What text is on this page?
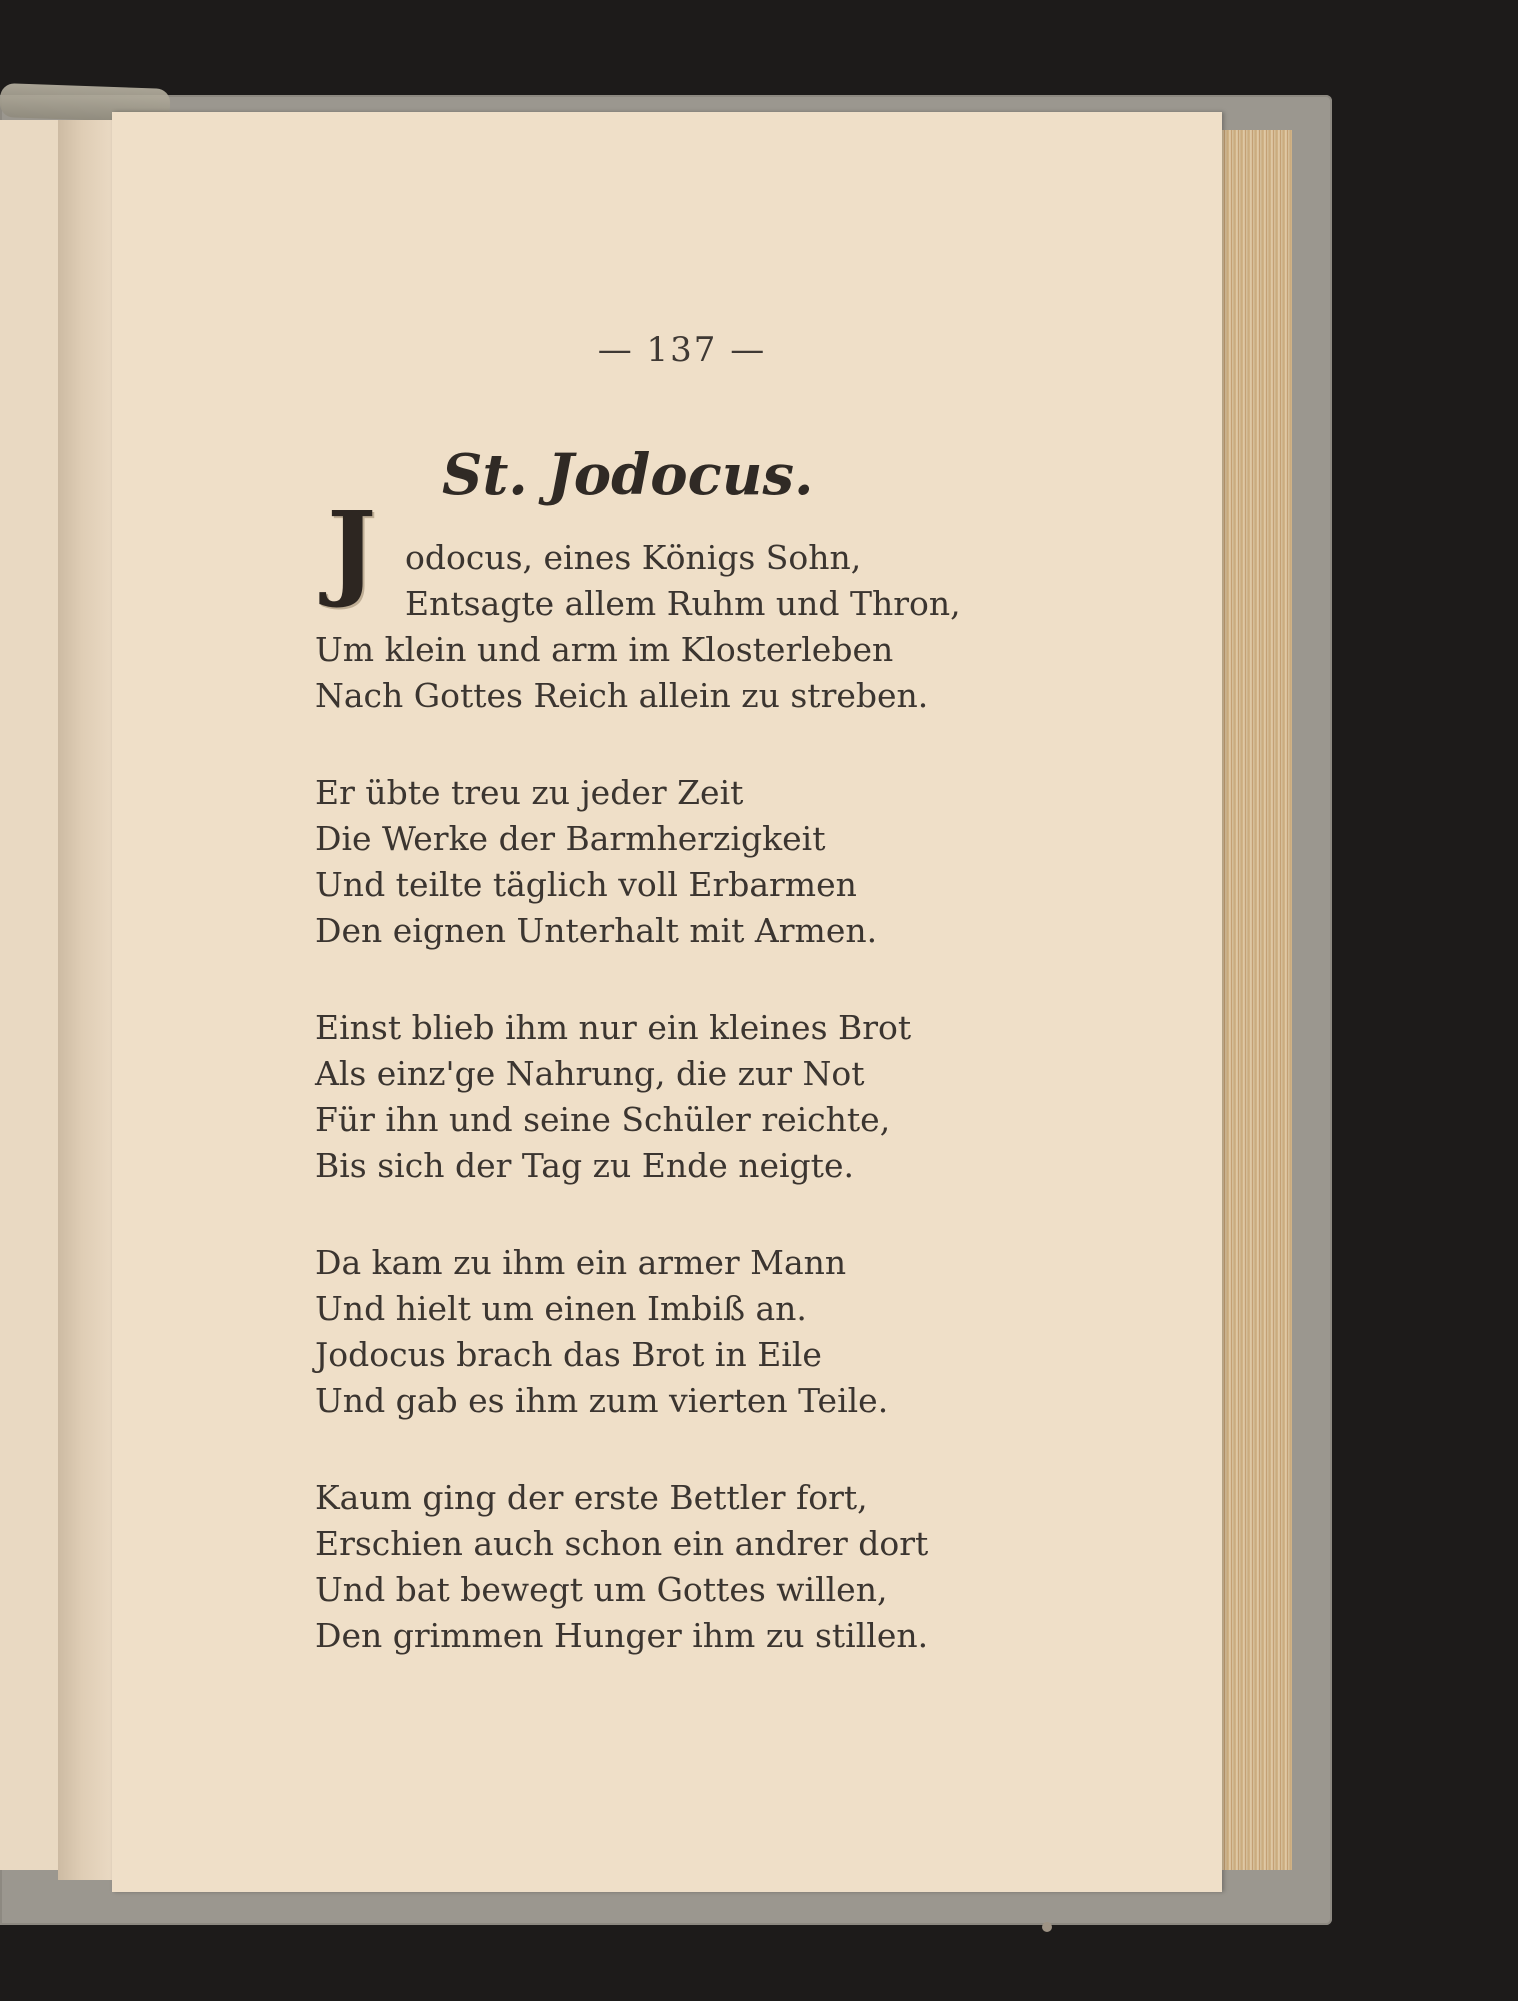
— 137 —
St. Jodocus.
J odocus, eines Königs Sohn,
Entsagte allem Ruhm und Thron,
Um klein und arm im Klosterleben
Nach Gottes Reich allein zu streben.
Er übte treu zu jeder Zeit
Die Werke der Barmherzigkeit
Und teilte täglich voll Erbarmen
Den eignen Unterhalt mit Armen.
Einst blieb ihm nur ein kleines Brot
Als einz'ge Nahrung, die zur Not
Für ihn und seine Schüler reichte,
Bis sich der Tag zu Ende neigte.
Da kam zu ihm ein armer Mann
Und hielt um einen Imbiß an.
Jodocus brach das Brot in Eile
Und gab es ihm zum vierten Teile.
Kaum ging der erste Bettler fort,
Erschien auch schon ein andrer dort
Und bat bewegt um Gottes willen,
Den grimmen Hunger ihm zu stillen.
